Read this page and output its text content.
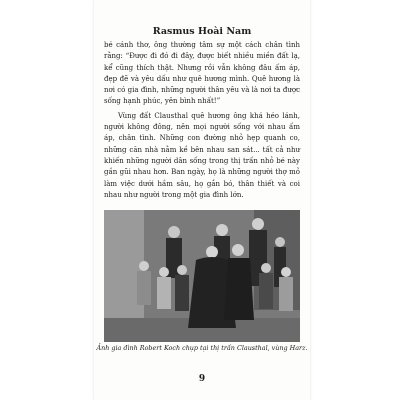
Rasmus Hoài Nam

bé cánh thơ, ông thường tâm sự một cách chân tình rằng: “Được đi đó đi đây, được biết nhiều miền đất lạ, kể cũng thích thật. Nhưng rồi vẫn không đâu ấm áp, đẹp đẽ và yêu dấu như quê hương mình. Quê hương là nơi có gia đình, những người thân yêu và là nơi ta được sống hạnh phúc, yên bình nhất!”

Vùng đất Clausthal quê hương ông khá héo lánh, người không đông, nên mọi người sống với nhau ấm áp, chân tình. Những con đường nhỏ hẹp quanh co, những căn nhà nằm kề bên nhau san sát... tất cả như khiến những người dân sống trong thị trấn nhỏ bé này gần gũi nhau hơn. Ban ngày, họ là những người thợ mỏ làm việc dưới hầm sâu, họ gắn bó, thân thiết và coi nhau như người trong một gia đình lớn.

Ảnh gia đình Robert Koch chụp tại thị trấn Clausthal, vùng Harz.
9
